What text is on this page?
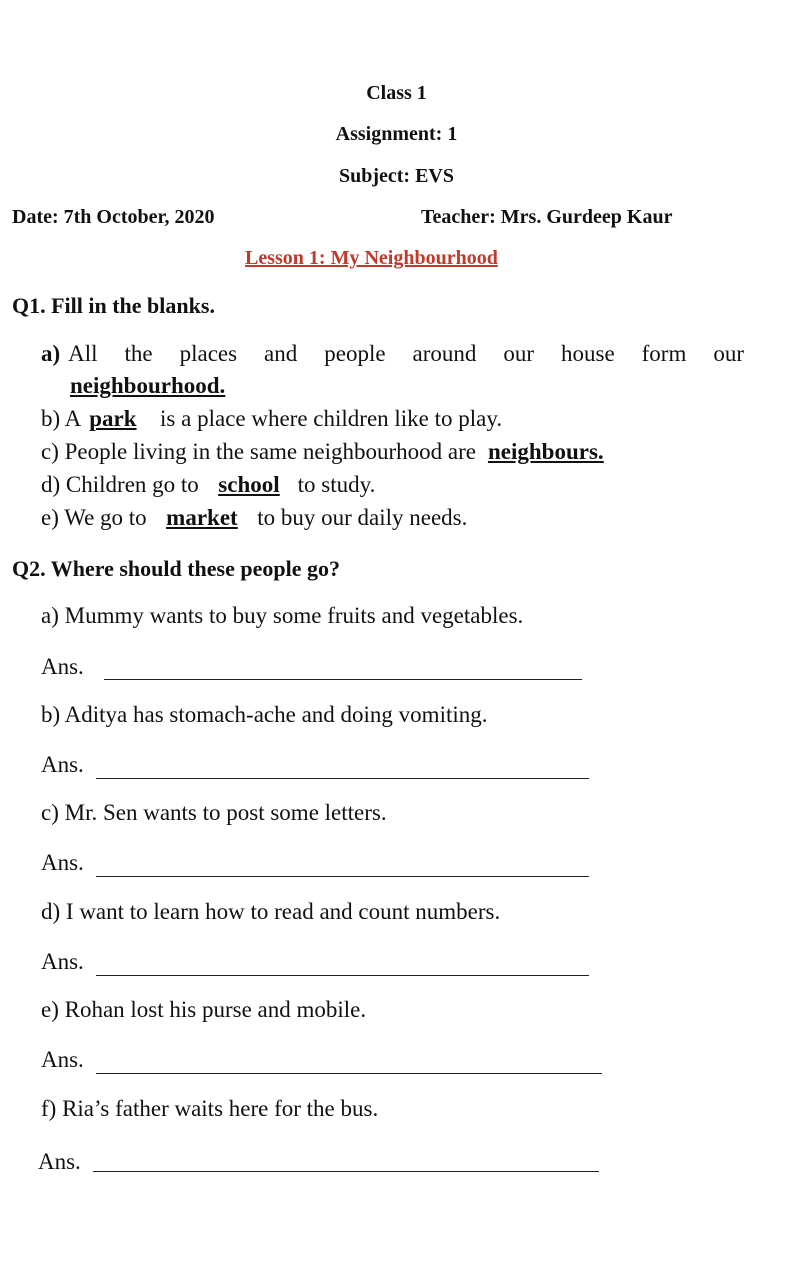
Class 1
Assignment: 1
Subject: EVS
Date: 7th October, 2020	Teacher: Mrs. Gurdeep Kaur
Lesson 1: My Neighbourhood
Q1. Fill in the blanks.
a) All the places and people around our house form our
neighbourhood.
b) A park is a place where children like to play.
c) People living in the same neighbourhood are neighbours.
d) Children go to school to study.
e) We go to market to buy our daily needs.
Q2. Where should these people go?
a) Mummy wants to buy some fruits and vegetables.
Ans.
b) Aditya has stomach-ache and doing vomiting.
Ans.
c) Mr. Sen wants to post some letters.
Ans.
d) I want to learn how to read and count numbers.
Ans.
e) Rohan lost his purse and mobile.
Ans.
f) Ria’s father waits here for the bus.
Ans.
